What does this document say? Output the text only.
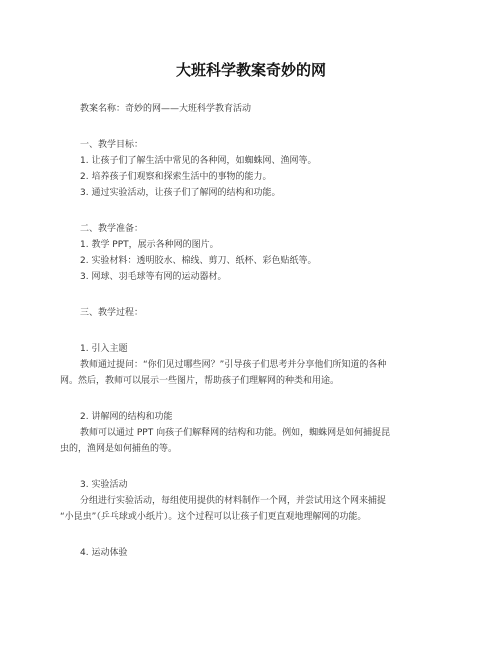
大班科学教案奇妙的网
教案名称：奇妙的网——大班科学教育活动
一、教学目标：
1. 让孩子们了解生活中常见的各种网，如蜘蛛网、渔网等。
2. 培养孩子们观察和探索生活中的事物的能力。
3. 通过实验活动，让孩子们了解网的结构和功能。
二、教学准备：
1. 教学 PPT，展示各种网的图片。
2. 实验材料：透明胶水、棉线、剪刀、纸杯、彩色贴纸等。
3. 网球、羽毛球等有网的运动器材。
三、教学过程：
1. 引入主题
教师通过提问：“你们见过哪些网？”引导孩子们思考并分享他们所知道的各种
网。然后，教师可以展示一些图片，帮助孩子们理解网的种类和用途。
2. 讲解网的结构和功能
教师可以通过 PPT 向孩子们解释网的结构和功能。例如，蜘蛛网是如何捕捉昆
虫的，渔网是如何捕鱼的等。
3. 实验活动
分组进行实验活动，每组使用提供的材料制作一个网，并尝试用这个网来捕捉
“小昆虫”（乒乓球或小纸片）。这个过程可以让孩子们更直观地理解网的功能。
4. 运动体验
